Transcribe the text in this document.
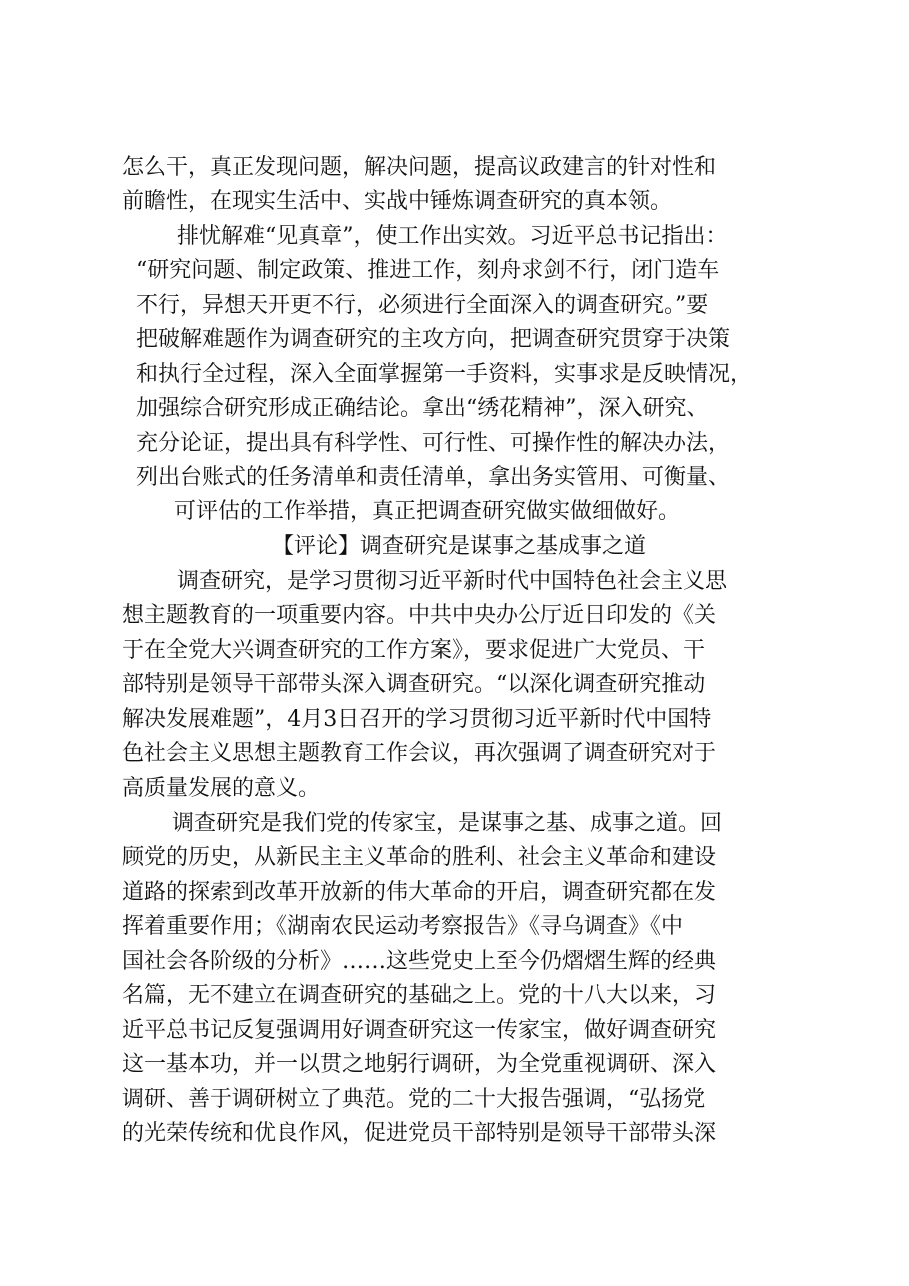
怎么干，真正发现问题，解决问题，提高议政建言的针对性和
前瞻性，在现实生活中、实战中锤炼调查研究的真本领。
排忧解难“见真章”，使工作出实效。习近平总书记指出：
“研究问题、制定政策、推进工作，刻舟求剑不行，闭门造车
不行，异想天开更不行，必须进行全面深入的调查研究。”要
把破解难题作为调查研究的主攻方向，把调查研究贯穿于决策
和执行全过程，深入全面掌握第一手资料，实事求是反映情况，
加强综合研究形成正确结论。拿出“绣花精神”，深入研究、
充分论证，提出具有科学性、可行性、可操作性的解决办法，
列出台账式的任务清单和责任清单，拿出务实管用、可衡量、
可评估的工作举措，真正把调查研究做实做细做好。
【评论】调查研究是谋事之基成事之道
调查研究，是学习贯彻习近平新时代中国特色社会主义思
想主题教育的一项重要内容。中共中央办公厅近日印发的《关
于在全党大兴调查研究的工作方案》，要求促进广大党员、干
部特别是领导干部带头深入调查研究。“以深化调查研究推动
解决发展难题”，4月3日召开的学习贯彻习近平新时代中国特
色社会主义思想主题教育工作会议，再次强调了调查研究对于
高质量发展的意义。
调查研究是我们党的传家宝，是谋事之基、成事之道。回
顾党的历史，从新民主主义革命的胜利、社会主义革命和建设
道路的探索到改革开放新的伟大革命的开启，调查研究都在发
挥着重要作用；《湖南农民运动考察报告》《寻乌调查》《中
国社会各阶级的分析》……这些党史上至今仍熠熠生辉的经典
名篇，无不建立在调查研究的基础之上。党的十八大以来，习
近平总书记反复强调用好调查研究这一传家宝，做好调查研究
这一基本功，并一以贯之地躬行调研，为全党重视调研、深入
调研、善于调研树立了典范。党的二十大报告强调，“弘扬党
的光荣传统和优良作风，促进党员干部特别是领导干部带头深
